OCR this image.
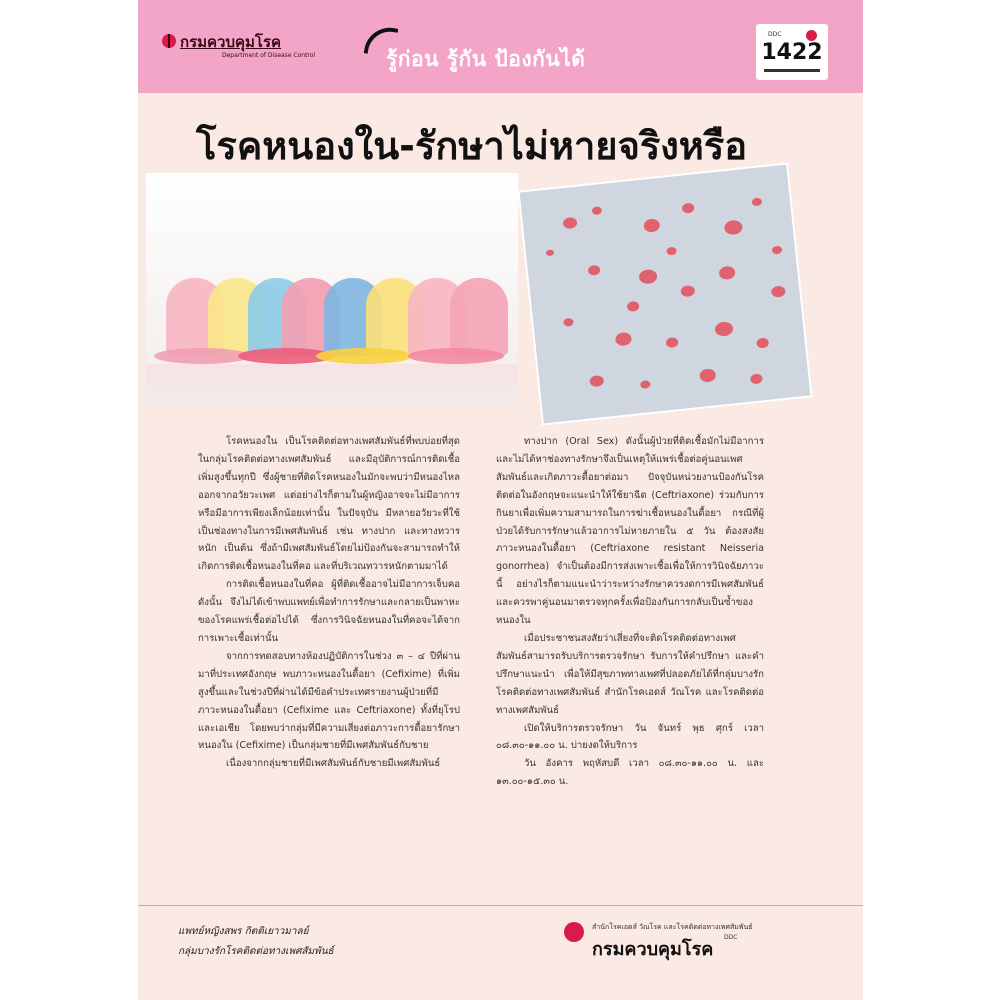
กรมควบคุมโรค
Department of Disease Control	รู้ก่อน รู้กัน ป้องกันได้
DDC
1422
โรคหนองใน-รักษาไม่หายจริงหรือ

โรคหนองใน เป็นโรคติดต่อทางเพศสัมพันธ์ที่พบบ่อยที่สุด ในกลุ่มโรคติดต่อทางเพศสัมพันธ์ และมีอุบัติการณ์การติดเชื้อเพิ่มสูงขึ้นทุกปี ซึ่งผู้ชายที่ติดโรคหนองในมักจะพบว่ามีหนองไหลออกจากอวัยวะเพศ แต่อย่างไรก็ตามในผู้หญิงอาจจะไม่มีอาการหรือมีอาการเพียงเล็กน้อยเท่านั้น ในปัจจุบัน มีหลายอวัยวะที่ใช้เป็นช่องทางในการมีเพศสัมพันธ์ เช่น ทางปาก และทางทวารหนัก เป็นต้น ซึ่งถ้ามีเพศสัมพันธ์โดยไม่ป้องกันจะสามารถทำให้เกิดการติดเชื้อหนองในที่คอ และที่บริเวณทวารหนักตามมาได้

การติดเชื้อหนองในที่คอ ผู้ที่ติดเชื้ออาจไม่มีอาการเจ็บคอ ดังนั้น จึงไม่ได้เข้าพบแพทย์เพื่อทำการรักษาและกลายเป็นพาหะของโรคแพร่เชื้อต่อไปได้ ซึ่งการวินิจฉัยหนองในที่คอจะได้จากการเพาะเชื้อเท่านั้น

จากการทดสอบทางห้องปฏิบัติการในช่วง ๓ – ๔ ปีที่ผ่านมาที่ประเทศอังกฤษ พบภาวะหนองในดื้อยา (Cefixime) ที่เพิ่มสูงขึ้นและในช่วงปีที่ผ่านได้มีข้อคำประเทศรายงานผู้ป่วยที่มีภาวะหนองในดื้อยา (Cefixime และ Ceftriaxone) ทั้งที่ยุโรปและเอเชีย โดยพบว่ากลุ่มที่มีความเสี่ยงต่อภาวะการดื้อยารักษาหนองใน (Cefixime) เป็นกลุ่มชายที่มีเพศสัมพันธ์กับชาย

เนื่องจากกลุ่มชายที่มีเพศสัมพันธ์กับชายมีเพศสัมพันธ์

ทางปาก (Oral Sex) ดังนั้นผู้ป่วยที่ติดเชื้อมักไม่มีอาการและไม่ได้หาช่องทางรักษาจึงเป็นเหตุให้แพร่เชื้อต่อคู่นอนเพศสัมพันธ์และเกิดภาวะดื้อยาต่อมา ปัจจุบันหน่วยงานป้องกันโรคติดต่อในอังกฤษจะแนะนำให้ใช้ยาฉีด (Ceftriaxone) ร่วมกับการกินยาเพื่อเพิ่มความสามารถในการฆ่าเชื้อหนองในดื้อยา กรณีที่ผู้ป่วยได้รับการรักษาแล้วอาการไม่หายภายใน ๕ วัน ต้องสงสัยภาวะหนองในดื้อยา (Ceftriaxone resistant Neisseria gonorrhea) จำเป็นต้องมีการส่งเพาะเชื้อเพื่อให้การวินิจฉัยภาวะนี้ อย่างไรก็ตามแนะนำว่าระหว่างรักษาควรงดการมีเพศสัมพันธ์และควรพาคู่นอนมาตรวจทุกครั้งเพื่อป้องกันการกลับเป็นซ้ำของหนองใน

เมื่อประชาชนสงสัยว่าเสี่ยงที่จะติดโรคติดต่อทางเพศสัมพันธ์สามารถรับบริการตรวจรักษา รับการให้คำปรึกษา และคำปรึกษาแนะนำ เพื่อให้มีสุขภาพทางเพศที่ปลอดภัยได้ที่กลุ่มบางรักโรคติดต่อทางเพศสัมพันธ์ สำนักโรคเอดส์ วัณโรค และโรคติดต่อทางเพศสัมพันธ์

เปิดให้บริการตรวจรักษา วัน จันทร์ พุธ ศุกร์ เวลา ๐๘.๓๐-๑๑.๐๐ น. บ่ายงดให้บริการ

วัน อังคาร พฤหัสบดี เวลา ๐๘.๓๐-๑๑.๐๐ น. และ ๑๓.๐๐-๑๕.๓๐ น.

แพทย์หญิงสพร กิตติเยาวมาลย์
กลุ่มบางรักโรคติดต่อทางเพศสัมพันธ์
สำนักโรคเอดส์ วัณโรค และโรคติดต่อทางเพศสัมพันธ์
กรมควบคุมโรค
DDC
